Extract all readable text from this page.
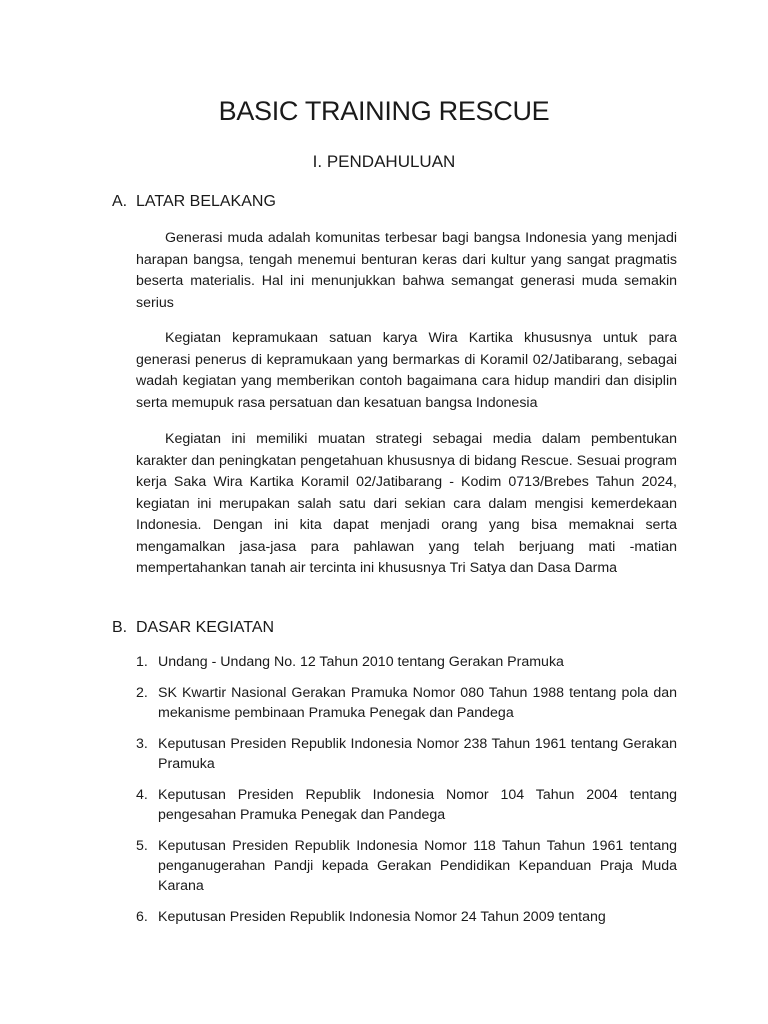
BASIC TRAINING RESCUE
I. PENDAHULUAN
A. LATAR BELAKANG

Generasi muda adalah komunitas terbesar bagi bangsa Indonesia yang menjadi harapan bangsa, tengah menemui benturan keras dari kultur yang sangat pragmatis beserta materialis. Hal ini menunjukkan bahwa semangat generasi muda semakin serius

Kegiatan kepramukaan satuan karya Wira Kartika khususnya untuk para generasi penerus di kepramukaan yang bermarkas di Koramil 02/Jatibarang, sebagai wadah kegiatan yang memberikan contoh bagaimana cara hidup mandiri dan disiplin serta memupuk rasa persatuan dan kesatuan bangsa Indonesia

Kegiatan ini memiliki muatan strategi sebagai media dalam pembentukan karakter dan peningkatan pengetahuan khususnya di bidang Rescue. Sesuai program kerja Saka Wira Kartika Koramil 02/Jatibarang - Kodim 0713/Brebes Tahun 2024, kegiatan ini merupakan salah satu dari sekian cara dalam mengisi kemerdekaan Indonesia. Dengan ini kita dapat menjadi orang yang bisa memaknai serta mengamalkan jasa-jasa para pahlawan yang telah berjuang mati -matian mempertahankan tanah air tercinta ini khususnya Tri Satya dan Dasa Darma

B. DASAR KEGIATAN
1. Undang - Undang No. 12 Tahun 2010 tentang Gerakan Pramuka
2. SK Kwartir Nasional Gerakan Pramuka Nomor 080 Tahun 1988 tentang pola dan mekanisme pembinaan Pramuka Penegak dan Pandega
3. Keputusan Presiden Republik Indonesia Nomor 238 Tahun 1961 tentang Gerakan Pramuka
4. Keputusan Presiden Republik Indonesia Nomor 104 Tahun 2004 tentang pengesahan Pramuka Penegak dan Pandega
5. Keputusan Presiden Republik Indonesia Nomor 118 Tahun Tahun 1961 tentang penganugerahan Pandji kepada Gerakan Pendidikan Kepanduan Praja Muda Karana
6. Keputusan Presiden Republik Indonesia Nomor 24 Tahun 2009 tentang
